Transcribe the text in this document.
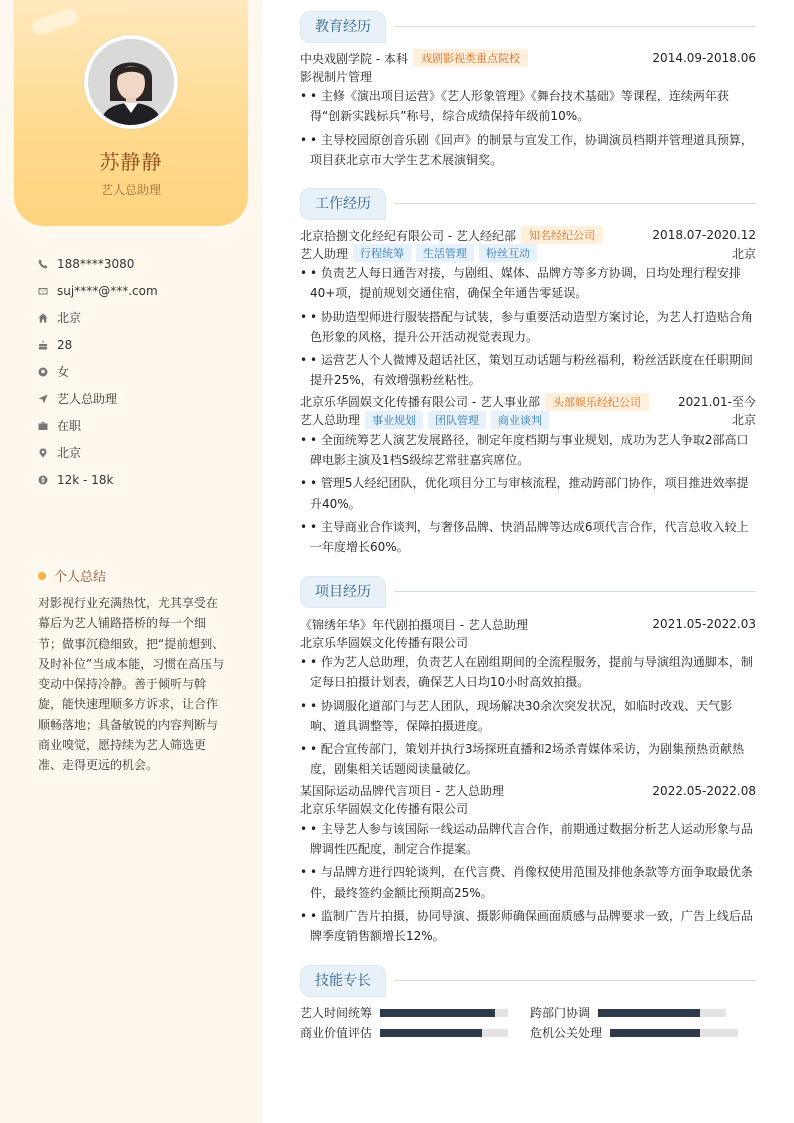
苏静静
艺人总助理
188****3080
suj****@***.com
北京
28
女
艺人总助理
在职
北京
12k - 18k
个人总结
对影视行业充满热忱，尤其享受在幕后为艺人铺路搭桥的每一个细节；做事沉稳细致，把“提前想到、及时补位”当成本能，习惯在高压与变动中保持冷静。善于倾听与斡旋，能快速理顺多方诉求，让合作顺畅落地；具备敏锐的内容判断与商业嗅觉，愿持续为艺人筛选更准、走得更远的机会。
教育经历
中央戏剧学院 - 本科	戏剧影视类重点院校	2014.09-2018.06
影视制片管理
• • 主修《演出项目运营》《艺人形象管理》《舞台技术基础》等课程，连续两年获得“创新实践标兵”称号，综合成绩保持年级前10%。
• • 主导校园原创音乐剧《回声》的制景与宣发工作，协调演员档期并管理道具预算，项目获北京市大学生艺术展演铜奖。
工作经历
北京拾捌文化经纪有限公司 - 艺人经纪部	知名经纪公司	2018.07-2020.12
艺人助理	行程统筹	生活管理	粉丝互动	北京
• • 负责艺人每日通告对接，与剧组、媒体、品牌方等多方协调，日均处理行程安排40+项，提前规划交通住宿，确保全年通告零延误。
• • 协助造型师进行服装搭配与试装，参与重要活动造型方案讨论，为艺人打造贴合角色形象的风格，提升公开活动视觉表现力。
• • 运营艺人个人微博及超话社区，策划互动话题与粉丝福利，粉丝活跃度在任职期间提升25%，有效增强粉丝粘性。
北京乐华圆娱文化传播有限公司 - 艺人事业部	头部娱乐经纪公司	2021.01-至今
艺人总助理	事业规划	团队管理	商业谈判	北京
• • 全面统筹艺人演艺发展路径，制定年度档期与事业规划，成功为艺人争取2部高口碑电影主演及1档S级综艺常驻嘉宾席位。
• • 管理5人经纪团队，优化项目分工与审核流程，推动跨部门协作，项目推进效率提升40%。
• • 主导商业合作谈判，与奢侈品牌、快消品牌等达成6项代言合作，代言总收入较上一年度增长60%。
项目经历
《锦绣年华》年代剧拍摄项目 - 艺人总助理	2021.05-2022.03
北京乐华圆娱文化传播有限公司
• • 作为艺人总助理，负责艺人在剧组期间的全流程服务，提前与导演组沟通脚本，制定每日拍摄计划表，确保艺人日均10小时高效拍摄。
• • 协调服化道部门与艺人团队，现场解决30余次突发状况，如临时改戏、天气影响、道具调整等，保障拍摄进度。
• • 配合宣传部门，策划并执行3场探班直播和2场杀青媒体采访，为剧集预热贡献热度，剧集相关话题阅读量破亿。
某国际运动品牌代言项目 - 艺人总助理	2022.05-2022.08
北京乐华圆娱文化传播有限公司
• • 主导艺人参与该国际一线运动品牌代言合作，前期通过数据分析艺人运动形象与品牌调性匹配度，制定合作提案。
• • 与品牌方进行四轮谈判，在代言费、肖像权使用范围及排他条款等方面争取最优条件，最终签约金额比预期高25%。
• • 监制广告片拍摄，协同导演、摄影师确保画面质感与品牌要求一致，广告上线后品牌季度销售额增长12%。
技能专长
艺人时间统筹	跨部门协调
商业价值评估	危机公关处理
